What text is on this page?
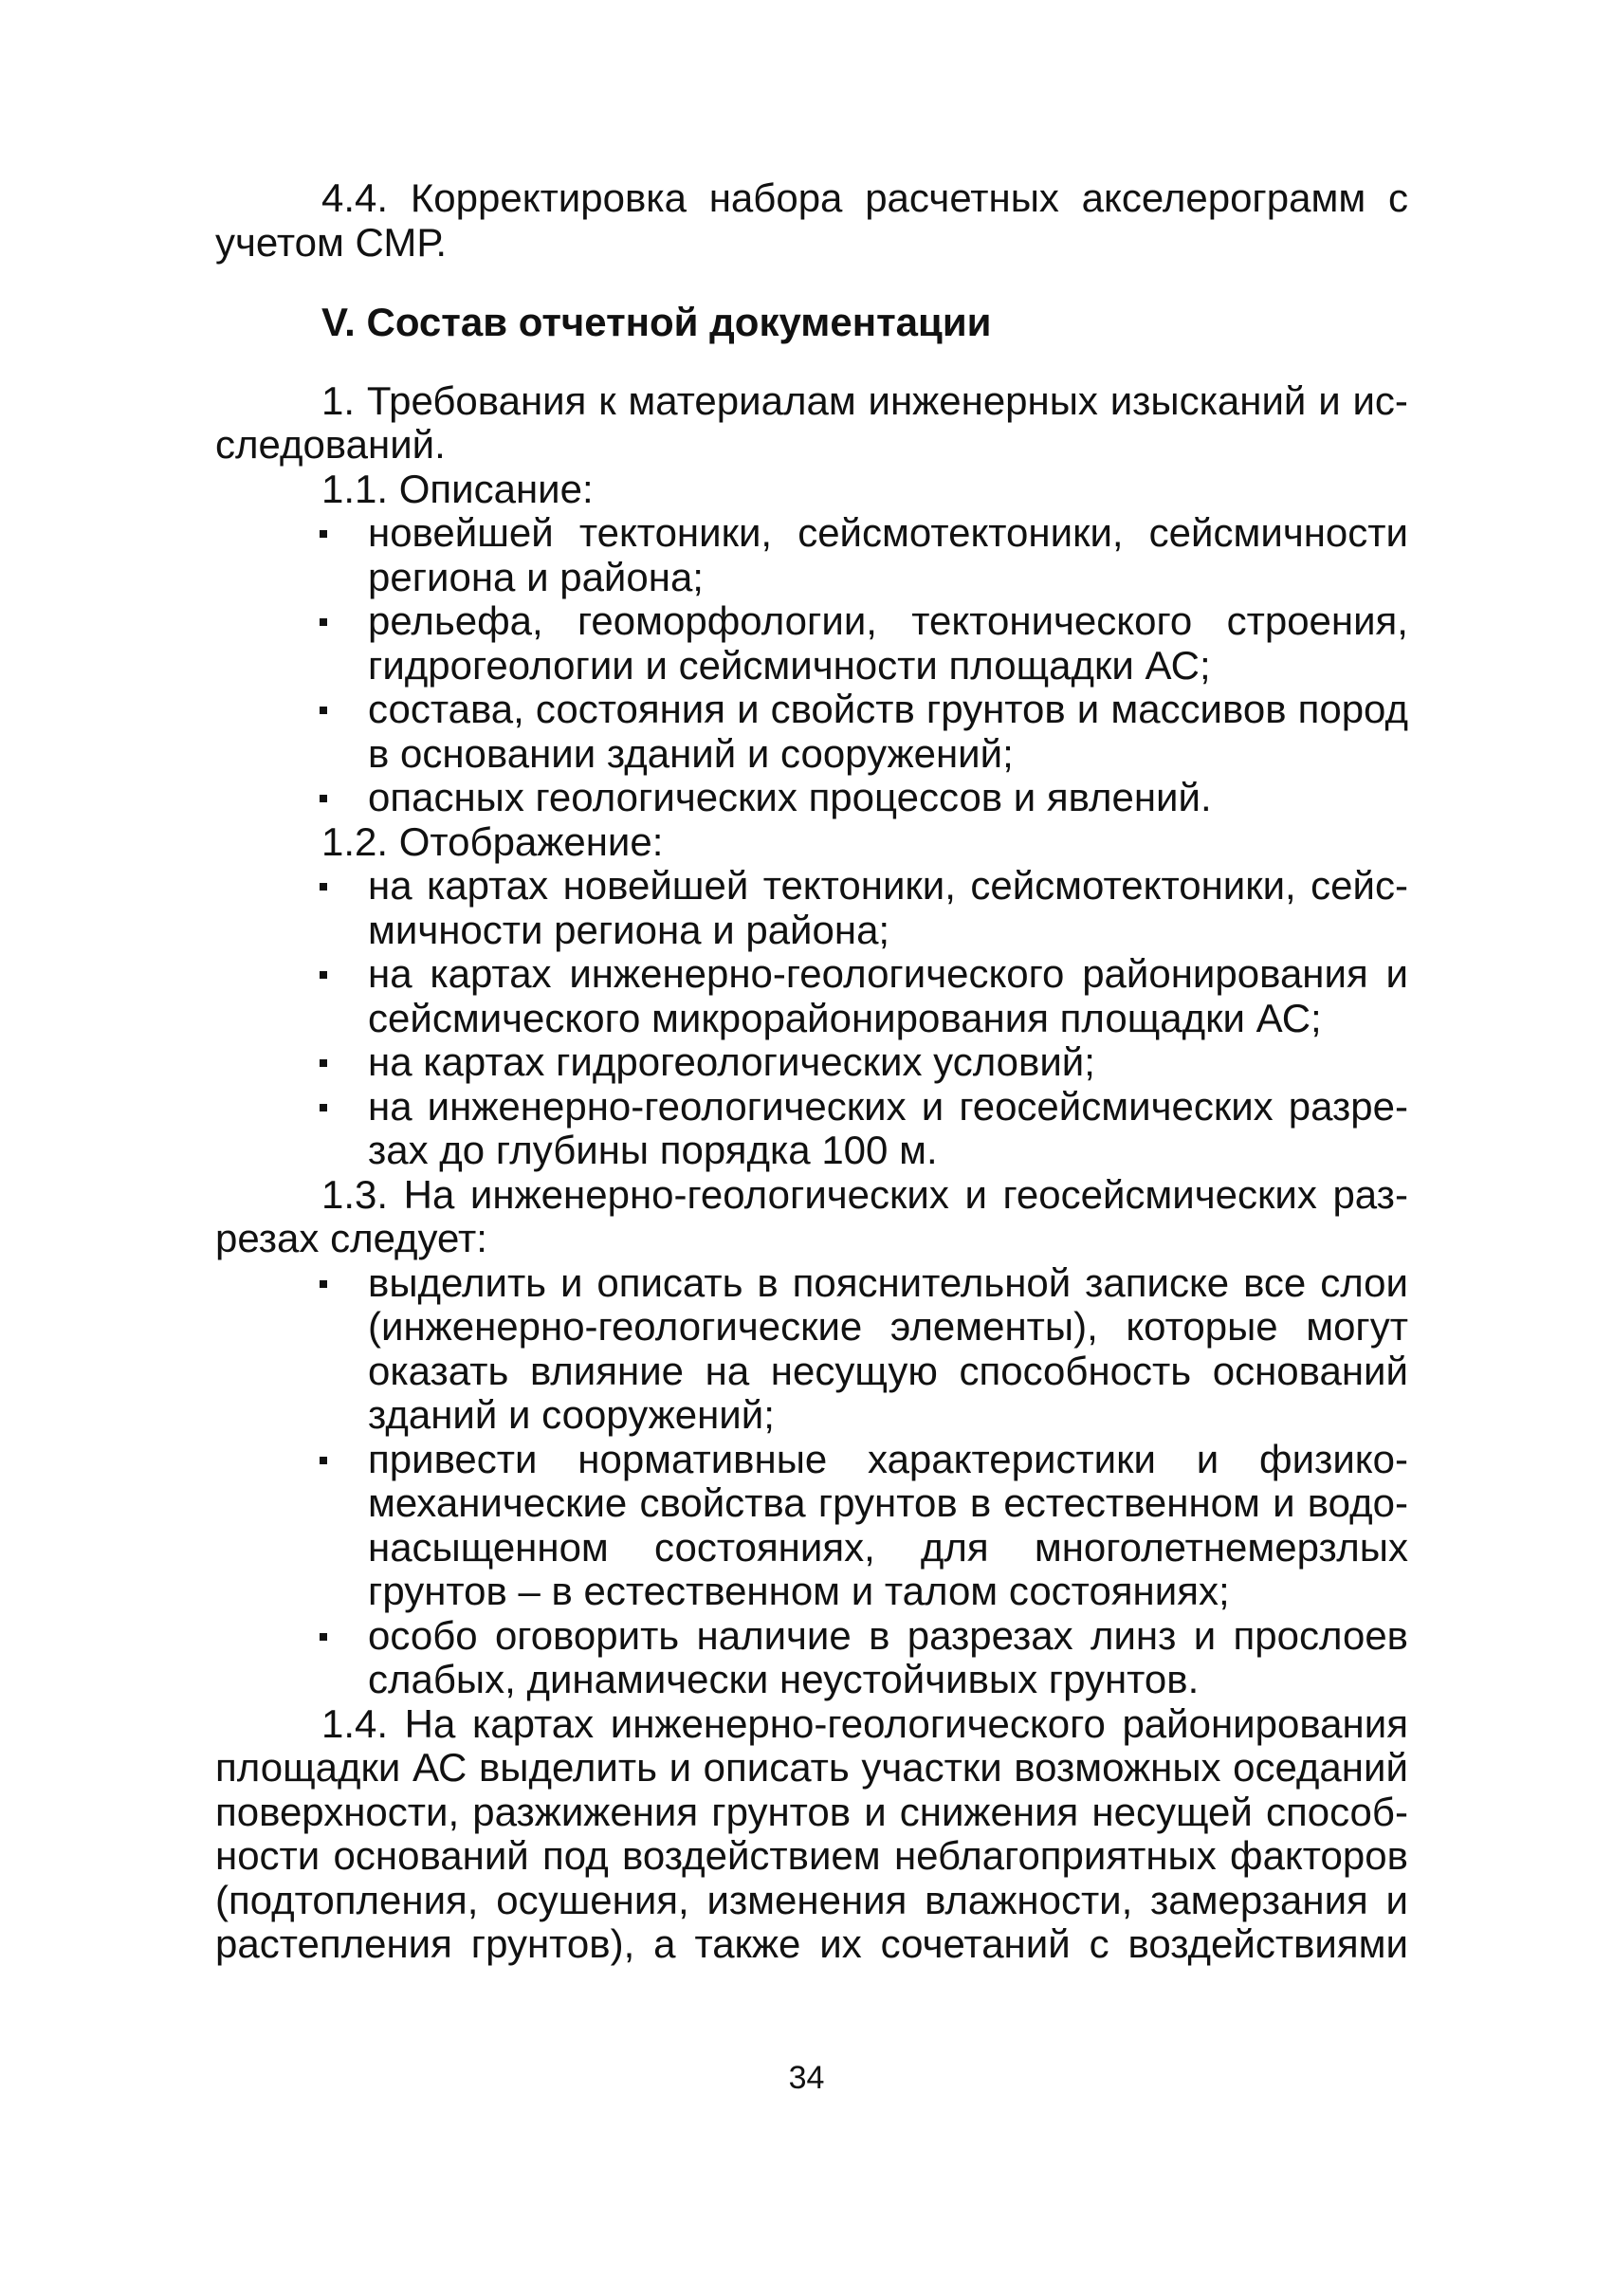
4.4. Корректировка набора расчетных акселерограмм с
учетом СМР.
V. Состав отчетной документации
1. Требования к материалам инженерных изысканий и ис-
следований.
1.1. Описание:
новейшей тектоники, сейсмотектоники, сейсмичности
региона и района;
рельефа, геоморфологии, тектонического строения,
гидрогеологии и сейсмичности площадки АС;
состава, состояния и свойств грунтов и массивов пород
в основании зданий и сооружений;
опасных геологических процессов и явлений.
1.2. Отображение:
на картах новейшей тектоники, сейсмотектоники, сейс-
мичности региона и района;
на картах инженерно-геологического районирования и
сейсмического микрорайонирования площадки АС;
на картах гидрогеологических условий;
на инженерно-геологических и геосейсмических разре-
зах до глубины порядка 100 м.
1.3. На инженерно-геологических и геосейсмических раз-
резах следует:
выделить и описать в пояснительной записке все слои
(инженерно-геологические элементы), которые могут
оказать влияние на несущую способность оснований
зданий и сооружений;
привести нормативные характеристики и физико-
механические свойства грунтов в естественном и водо-
насыщенном состояниях, для многолетнемерзлых
грунтов – в естественном и талом состояниях;
особо оговорить наличие в разрезах линз и прослоев
слабых, динамически неустойчивых грунтов.
1.4. На картах инженерно-геологического районирования
площадки АС выделить и описать участки возможных оседаний
поверхности, разжижения грунтов и снижения несущей способ-
ности оснований под воздействием неблагоприятных факторов
(подтопления, осушения, изменения влажности, замерзания и
растепления грунтов), а также их сочетаний с воздействиями
34
